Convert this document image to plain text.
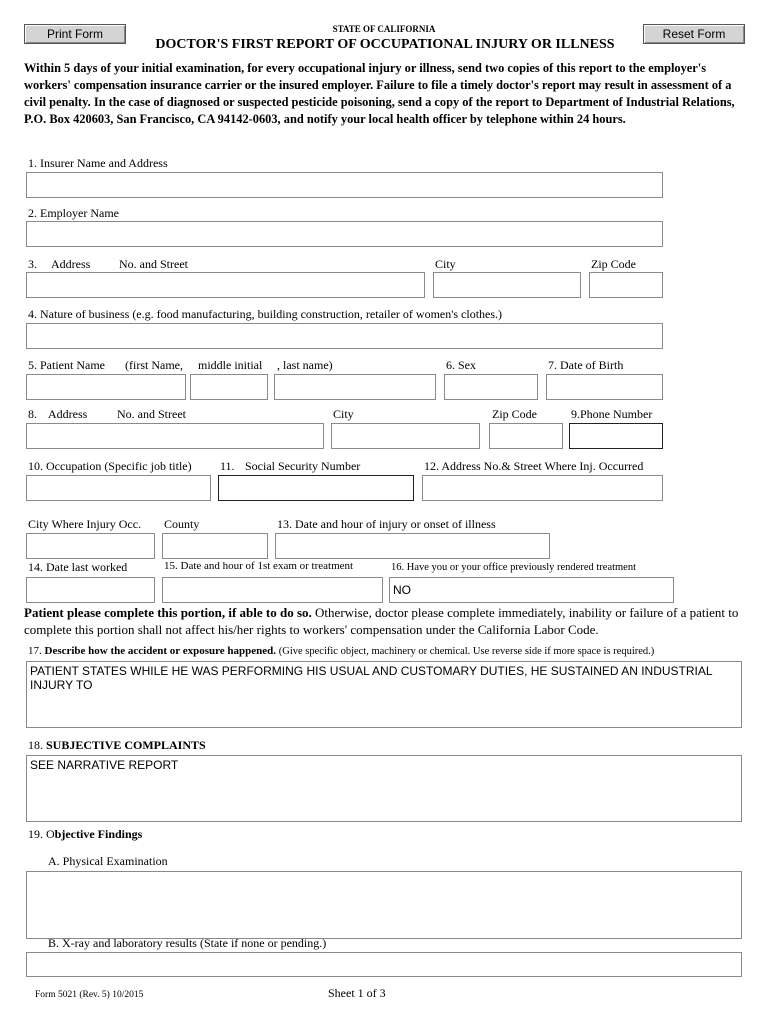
Print Form	Reset Form
STATE OF CALIFORNIA
DOCTOR'S FIRST REPORT OF OCCUPATIONAL INJURY OR ILLNESS
Within 5 days of your initial examination, for every occupational injury or illness, send two copies of this report to the employer's workers' compensation insurance carrier or the insured employer. Failure to file a timely doctor's report may result in assessment of a civil penalty. In the case of diagnosed or suspected pesticide poisoning, send a copy of the report to Department of Industrial Relations, P.O. Box 420603, San Francisco, CA 94142-0603, and notify your local health officer by telephone within 24 hours.
1. Insurer Name and Address
2. Employer Name
3. Address No. and Street	City	Zip Code
4. Nature of business (e.g. food manufacturing, building construction, retailer of women's clothes.)
5. Patient Name (first Name, middle initial , last name)	6. Sex	7. Date of Birth
8. Address No. and Street	City	Zip Code	9.Phone Number
10. Occupation (Specific job title) 11. Social Security Number	12. Address No.& Street Where Inj. Occurred
City Where Injury Occ. County	13. Date and hour of injury or onset of illness
14. Date last worked	15. Date and hour of 1st exam or treatment	16. Have you or your office previously rendered treatment
NO
Patient please complete this portion, if able to do so. Otherwise, doctor please complete immediately, inability or failure of a patient to complete this portion shall not affect his/her rights to workers' compensation under the California Labor Code.
17. Describe how the accident or exposure happened. (Give specific object, machinery or chemical. Use reverse side if more space is required.)
PATIENT STATES WHILE HE WAS PERFORMING HIS USUAL AND CUSTOMARY DUTIES, HE SUSTAINED AN INDUSTRIAL INJURY TO
18. SUBJECTIVE COMPLAINTS
SEE NARRATIVE REPORT
19. Objective Findings
A. Physical Examination
B. X-ray and laboratory results (State if none or pending.)
Form 5021 (Rev. 5) 10/2015	Sheet 1 of 3
